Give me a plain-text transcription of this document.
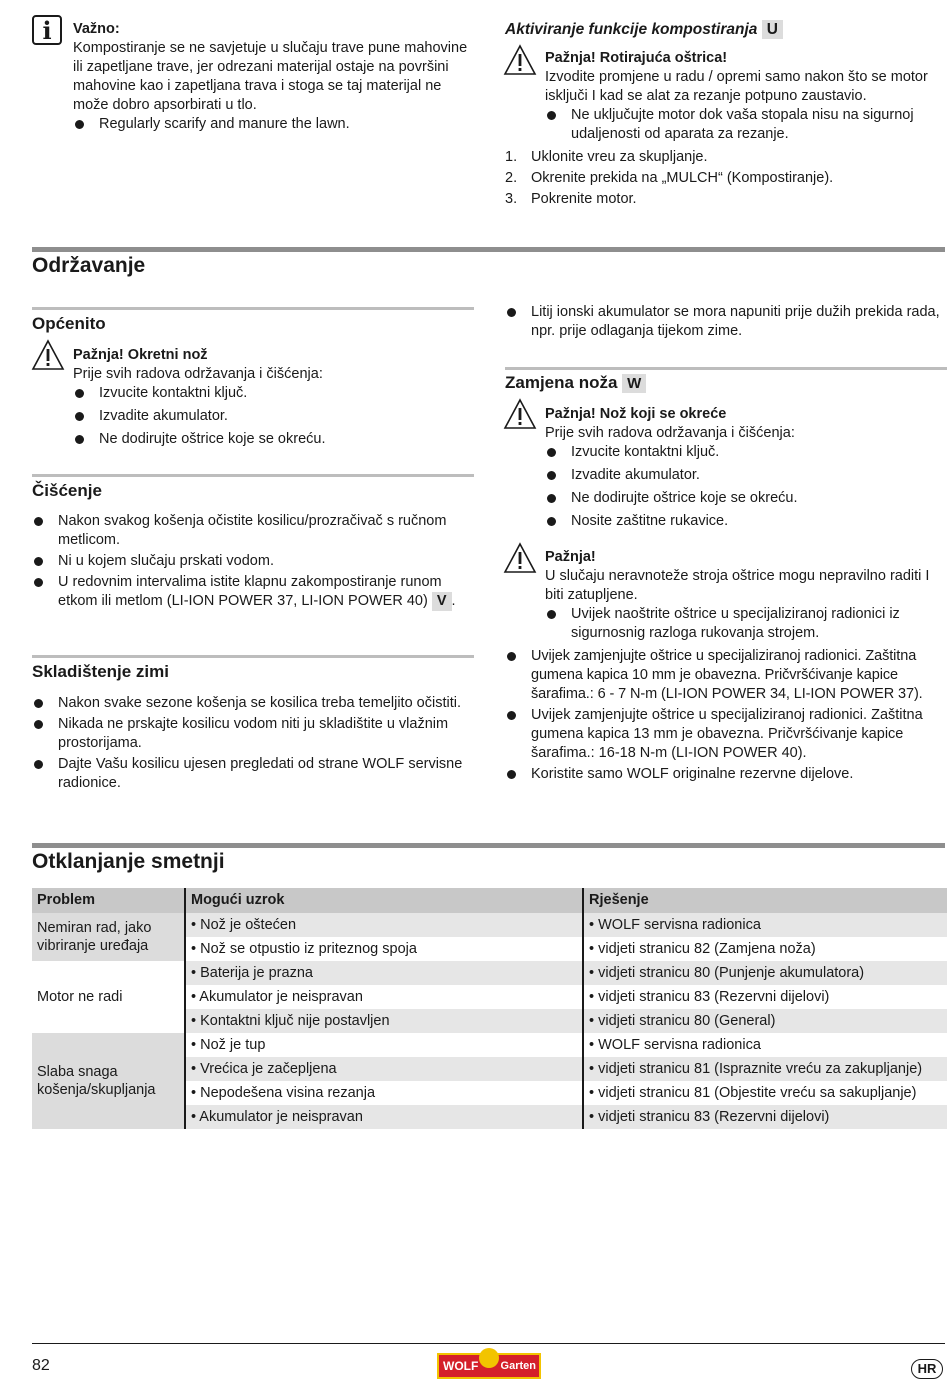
i	Važno:

Kompostiranje se ne savjetuje u slučaju trave pune mahovine ili zapetljane trave, jer odrezani materijal ostaje na površini mahovine kao i zapetljana trava i stoga se taj materijal ne može dobro apsorbirati u tlo.

Regularly scarify and manure the lawn.

Aktiviranje funkcije kompostiranja U

Pažnja! Rotirajuća oštrica!

Izvodite promjene u radu / opremi samo nakon što se motor isključi I kad se alat za rezanje potpuno zaustavio.

Ne uključujte motor dok vaša stopala nisu na sigurnoj udaljenosti od aparata za rezanje.

1. Uklonite vreu za skupljanje.

2. Okrenite prekida na „MULCH“ (Kompostiranje).

3. Pokrenite motor.

Održavanje
Općenito

Pažnja! Okretni nož

Prije svih radova održavanja i čišćenja:

Izvucite kontaktni ključ.

Izvadite akumulator.

Ne dodirujte oštrice koje se okreću.

Čišćenje

Nakon svakog košenja očistite kosilicu/prozračivač s ručnom metlicom.

Ni u kojem slučaju prskati vodom.

U redovnim intervalima istite klapnu zakompostiranje runom etkom ili metlom (LI-ION POWER 37, LI-ION POWER 40) V .

Skladištenje zimi

Nakon svake sezone košenja se kosilica treba temeljito očistiti.

Nikada ne prskajte kosilicu vodom niti ju skladištite u vlažnim prostorijama.

Dajte Vašu kosilicu ujesen pregledati od strane WOLF servisne radionice.

Litij ionski akumulator se mora napuniti prije dužih prekida rada, npr. prije odlaganja tijekom zime.

Zamjena noža W

Pažnja! Nož koji se okreće

Prije svih radova održavanja i čišćenja:

Izvucite kontaktni ključ.

Izvadite akumulator.

Ne dodirujte oštrice koje se okreću.

Nosite zaštitne rukavice.

Pažnja!

U slučaju neravnoteže stroja oštrice mogu nepravilno raditi I biti zatupljene.

Uvijek naoštrite oštrice u specijaliziranoj radionici iz sigurnosnig razloga rukovanja strojem.

Uvijek zamjenjujte oštrice u specijaliziranoj radionici. Zaštitna gumena kapica 10 mm je obavezna. Pričvršćivanje kapice šarafima.: 6 - 7 N-m (LI-ION POWER 34, LI-ION POWER 37).

Uvijek zamjenjujte oštrice u specijaliziranoj radionici. Zaštitna gumena kapica 13 mm je obavezna. Pričvršćivanje kapice šarafima.: 16-18 N-m (LI-ION POWER 40).

Koristite samo WOLF originalne rezervne dijelove.

Otklanjanje smetnji
Problem	Mogući uzrok	Rješenje
Nemiran rad, jako vibriranje uređaja	• Nož je oštećen	• WOLF servisna radionica
	• Nož se otpustio iz priteznog spoja	• vidjeti stranicu 82 (Zamjena noža)
Motor ne radi	• Baterija je prazna	• vidjeti stranicu 80 (Punjenje akumulatora)
	• Akumulator je neispravan	• vidjeti stranicu 83 (Rezervni dijelovi)
	• Kontaktni ključ nije postavljen	• vidjeti stranicu 80 (General)
Slaba snaga košenja/skupljanja	• Nož je tup	• WOLF servisna radionica
	• Vrećica je začepljena	• vidjeti stranicu 81 (Ispraznite vreću za zakupljanje)
	• Nepodešena visina rezanja	• vidjeti stranicu 81 (Objestite vreću sa sakupljanje)
	• Akumulator je neispravan	• vidjeti stranicu 83 (Rezervni dijelovi)
82	WOLF Garten	HR
